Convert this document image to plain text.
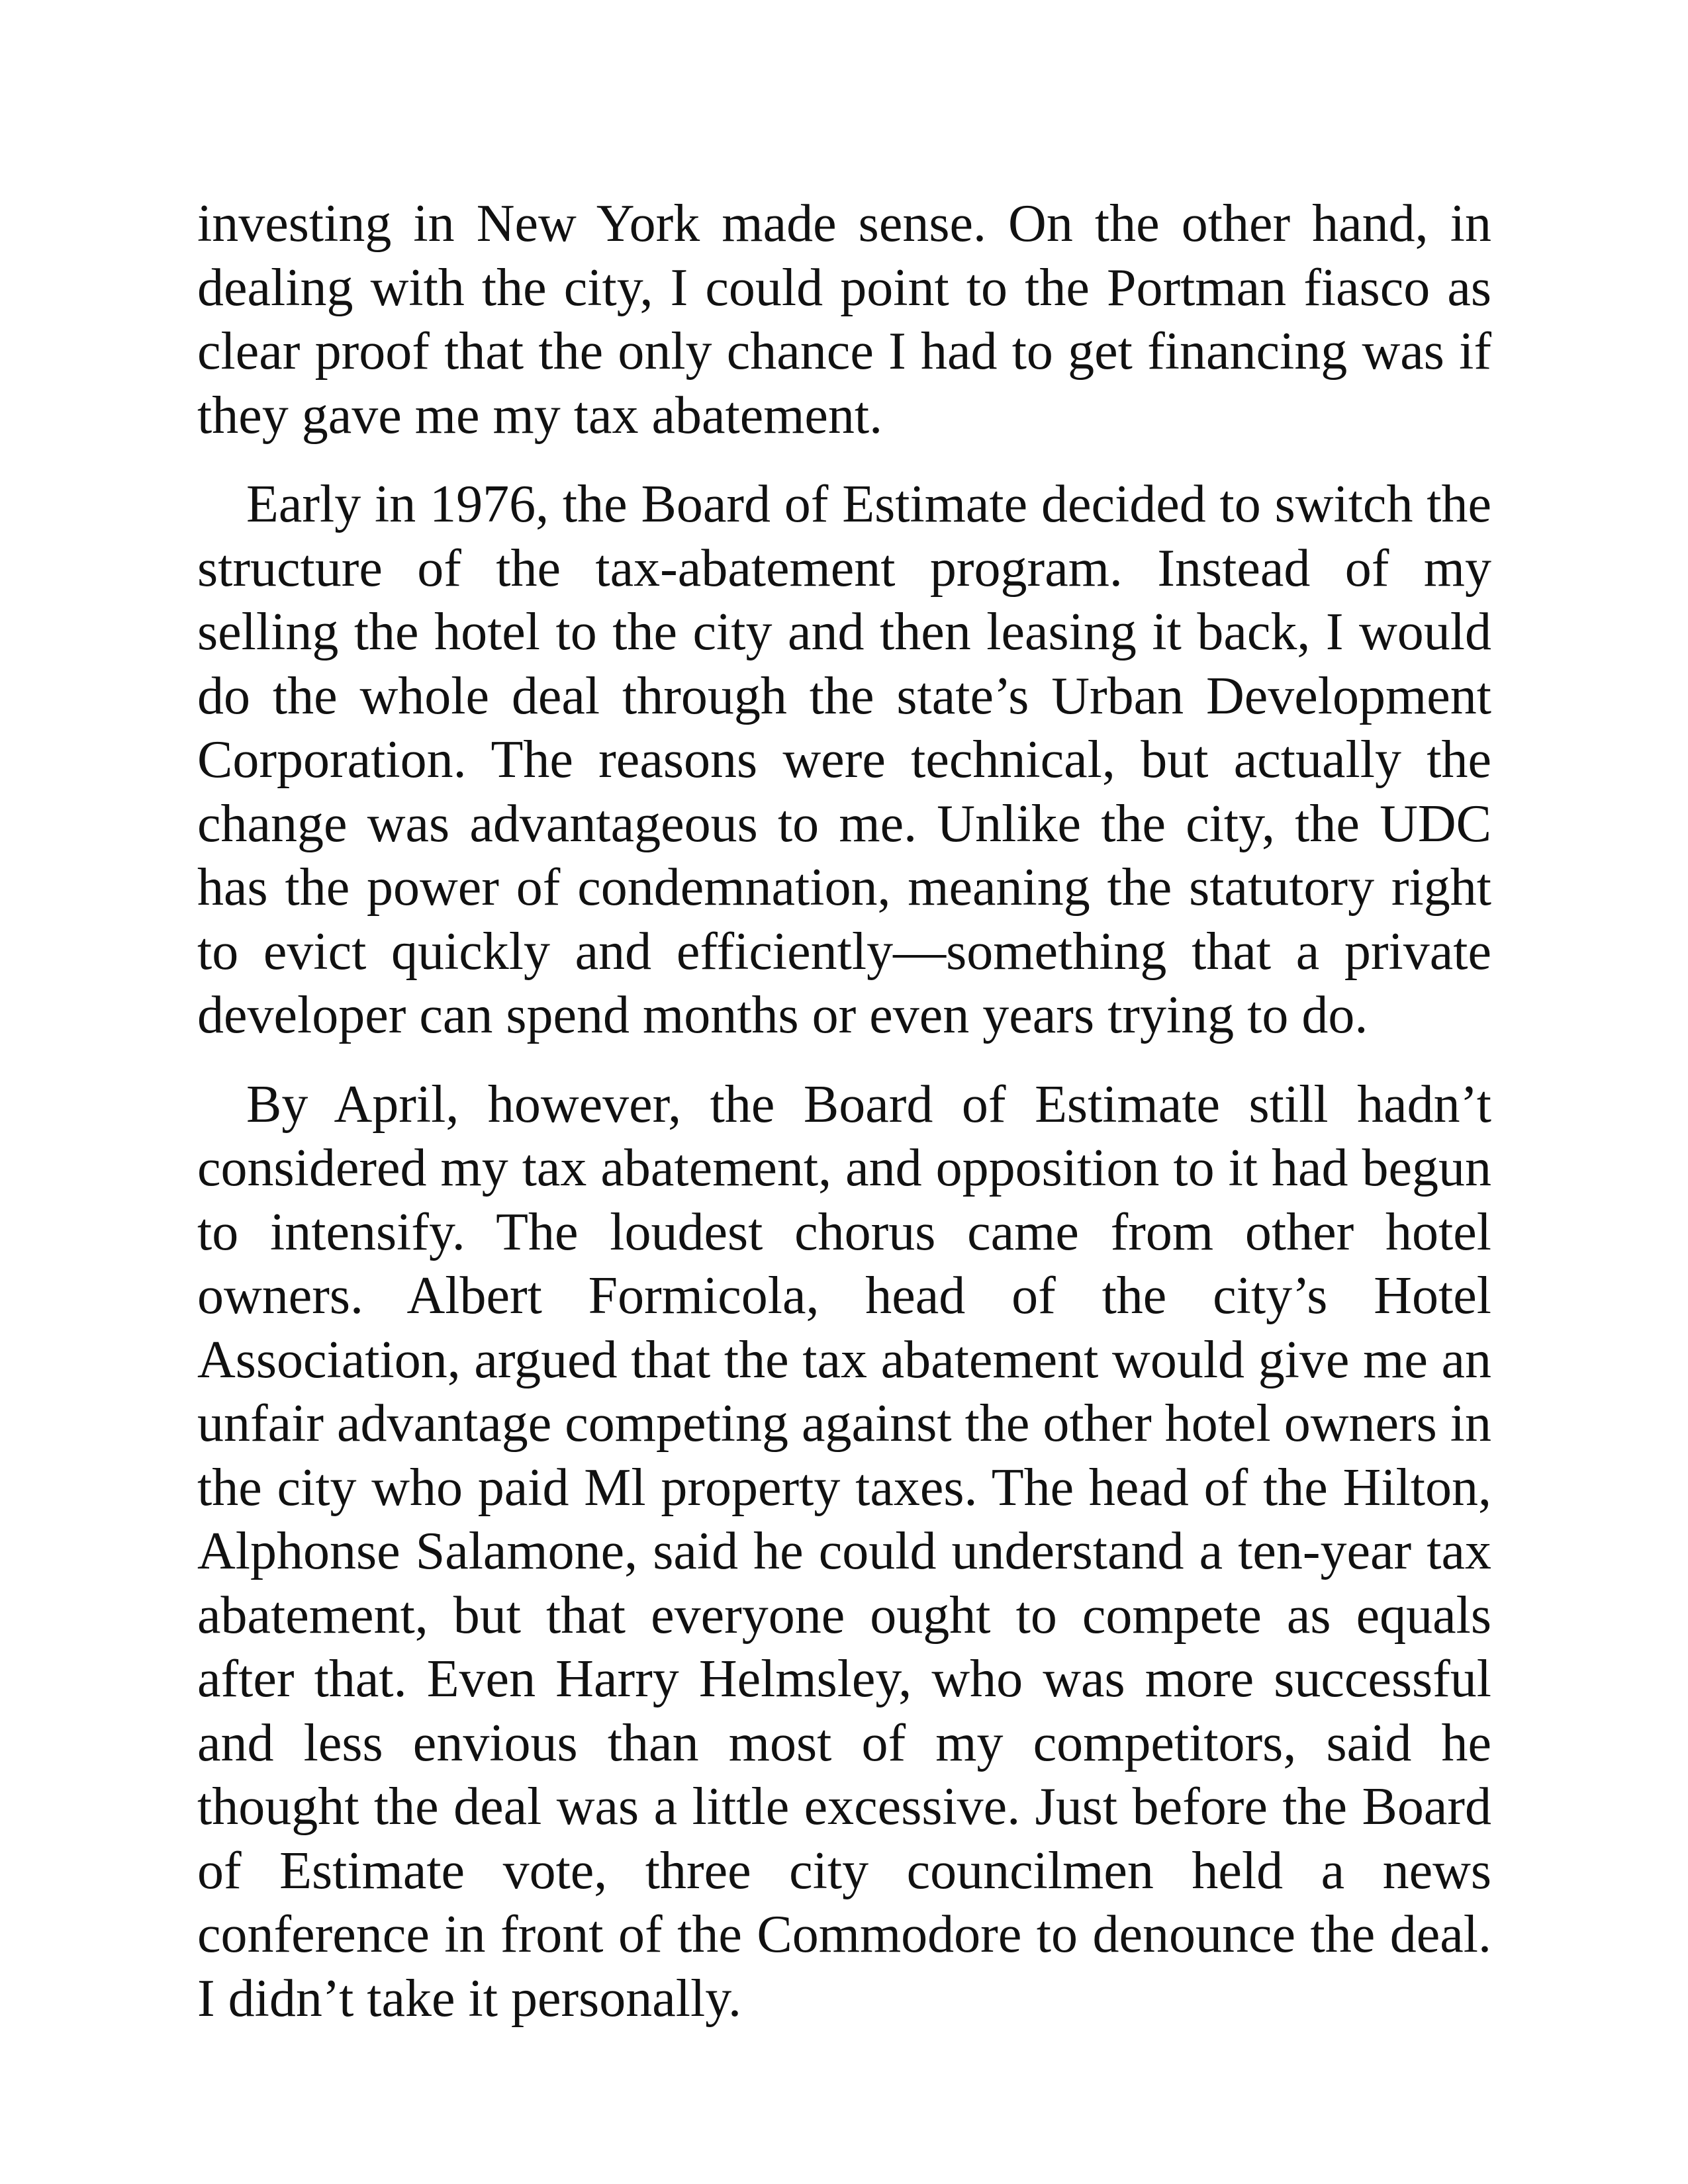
investing in New York made sense. On the other hand, in dealing with the city, I could point to the Portman fiasco as clear proof that the only chance I had to get financing was if they gave me my tax abatement.

Early in 1976, the Board of Estimate decided to switch the structure of the tax-abatement program. Instead of my selling the hotel to the city and then leasing it back, I would do the whole deal through the state’s Urban Development Corporation. The reasons were technical, but actually the change was advantageous to me. Unlike the city, the UDC has the power of condemnation, meaning the statutory right to evict quickly and efficiently—something that a private developer can spend months or even years trying to do.

By April, however, the Board of Estimate still hadn’t considered my tax abatement, and opposition to it had begun to intensify. The loudest chorus came from other hotel owners. Albert Formicola, head of the city’s Hotel Association, argued that the tax abatement would give me an unfair advantage competing against the other hotel owners in the city who paid Ml property taxes. The head of the Hilton, Alphonse Salamone, said he could understand a ten-year tax abatement, but that everyone ought to compete as equals after that. Even Harry Helmsley, who was more successful and less envious than most of my competitors, said he thought the deal was a little excessive. Just before the Board of Estimate vote, three city councilmen held a news conference in front of the Commodore to denounce the deal. I didn’t take it personally.
